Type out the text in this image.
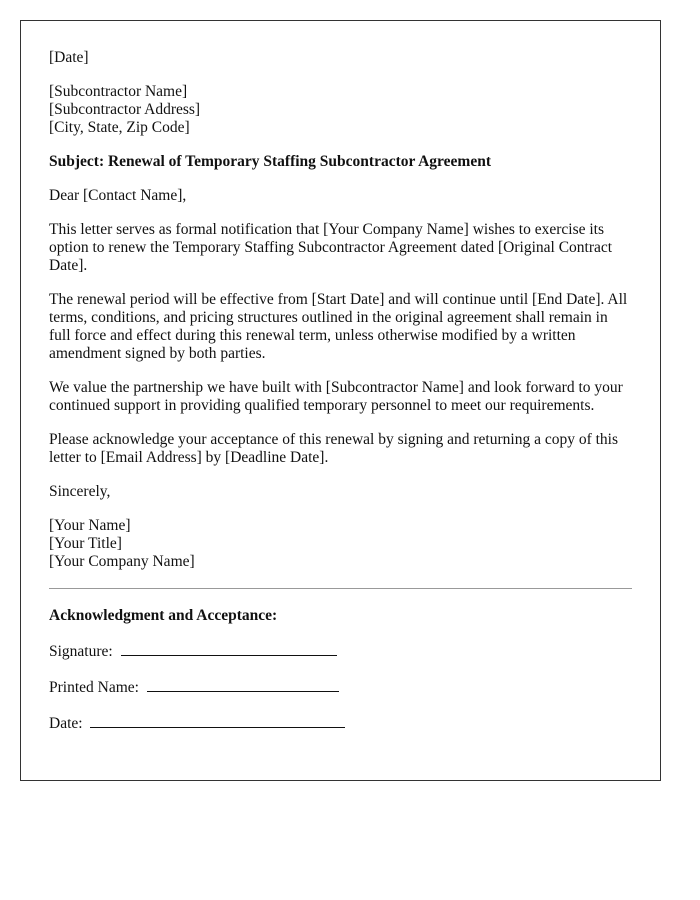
[Date]

[Subcontractor Name]
[Subcontractor Address]
[City, State, Zip Code]

Subject: Renewal of Temporary Staffing Subcontractor Agreement

Dear [Contact Name],

This letter serves as formal notification that [Your Company Name] wishes to exercise its option to renew the Temporary Staffing Subcontractor Agreement dated [Original Contract Date].

The renewal period will be effective from [Start Date] and will continue until [End Date]. All terms, conditions, and pricing structures outlined in the original agreement shall remain in full force and effect during this renewal term, unless otherwise modified by a written amendment signed by both parties.

We value the partnership we have built with [Subcontractor Name] and look forward to your continued support in providing qualified temporary personnel to meet our requirements.

Please acknowledge your acceptance of this renewal by signing and returning a copy of this letter to [Email Address] by [Deadline Date].

Sincerely,

[Your Name]
[Your Title]
[Your Company Name]

Acknowledgment and Acceptance:

Signature:
Printed Name:
Date:
